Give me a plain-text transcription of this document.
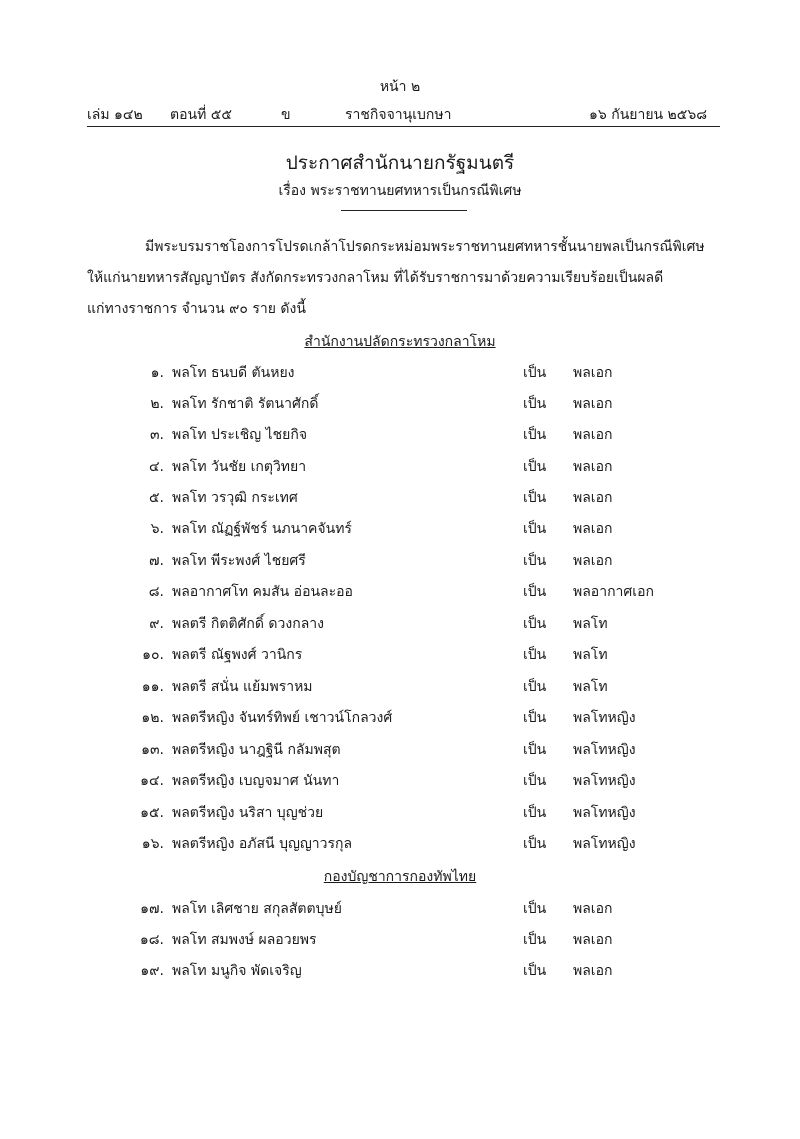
หน้า ๒
เล่ม ๑๔๒ ตอนที่ ๕๕	ข	ราชกิจจานุเบกษา	๑๖ กันยายน ๒๕๖๘
ประกาศสำนักนายกรัฐมนตรี
เรื่อง พระราชทานยศทหารเป็นกรณีพิเศษ
มีพระบรมราชโองการโปรดเกล้าโปรดกระหม่อมพระราชทานยศทหารชั้นนายพลเป็นกรณีพิเศษ
ให้แก่นายทหารสัญญาบัตร สังกัดกระทรวงกลาโหม ที่ได้รับราชการมาด้วยความเรียบร้อยเป็นผลดี
แก่ทางราชการ จำนวน ๙๐ ราย ดังนี้
สำนักงานปลัดกระทรวงกลาโหม
๑. พลโท ธนบดี ตันหยง	เป็น พลเอก
๒. พลโท รักชาติ รัตนาศักดิ์	เป็น พลเอก
๓. พลโท ประเชิญ ไชยกิจ	เป็น พลเอก
๔. พลโท วันชัย เกตุวิทยา	เป็น พลเอก
๕. พลโท วรวุฒิ กระเทศ	เป็น พลเอก
๖. พลโท ณัฏฐ์พัชร์ นภนาคจันทร์	เป็น พลเอก
๗. พลโท พีระพงศ์ ไชยศรี	เป็น พลเอก
๘. พลอากาศโท คมสัน อ่อนละออ	เป็น พลอากาศเอก
๙. พลตรี กิตติศักดิ์ ดวงกลาง	เป็น พลโท
๑๐. พลตรี ณัฐพงศ์ วานิกร	เป็น พลโท
๑๑. พลตรี สนั่น แย้มพราหม	เป็น พลโท
๑๒. พลตรีหญิง จันทร์ทิพย์ เชาวน์โกลวงศ์	เป็น พลโทหญิง
๑๓. พลตรีหญิง นาฎฐินี กลัมพสุต	เป็น พลโทหญิง
๑๔. พลตรีหญิง เบญจมาศ นันทา	เป็น พลโทหญิง
๑๕. พลตรีหญิง นริสา บุญช่วย	เป็น พลโทหญิง
๑๖. พลตรีหญิง อภัสนี บุญญาวรกุล	เป็น พลโทหญิง
กองบัญชาการกองทัพไทย
๑๗. พลโท เลิศชาย สกุลสัตตบุษย์	เป็น พลเอก
๑๘. พลโท สมพงษ์ ผลอวยพร	เป็น พลเอก
๑๙. พลโท มนูกิจ พัดเจริญ	เป็น พลเอก
